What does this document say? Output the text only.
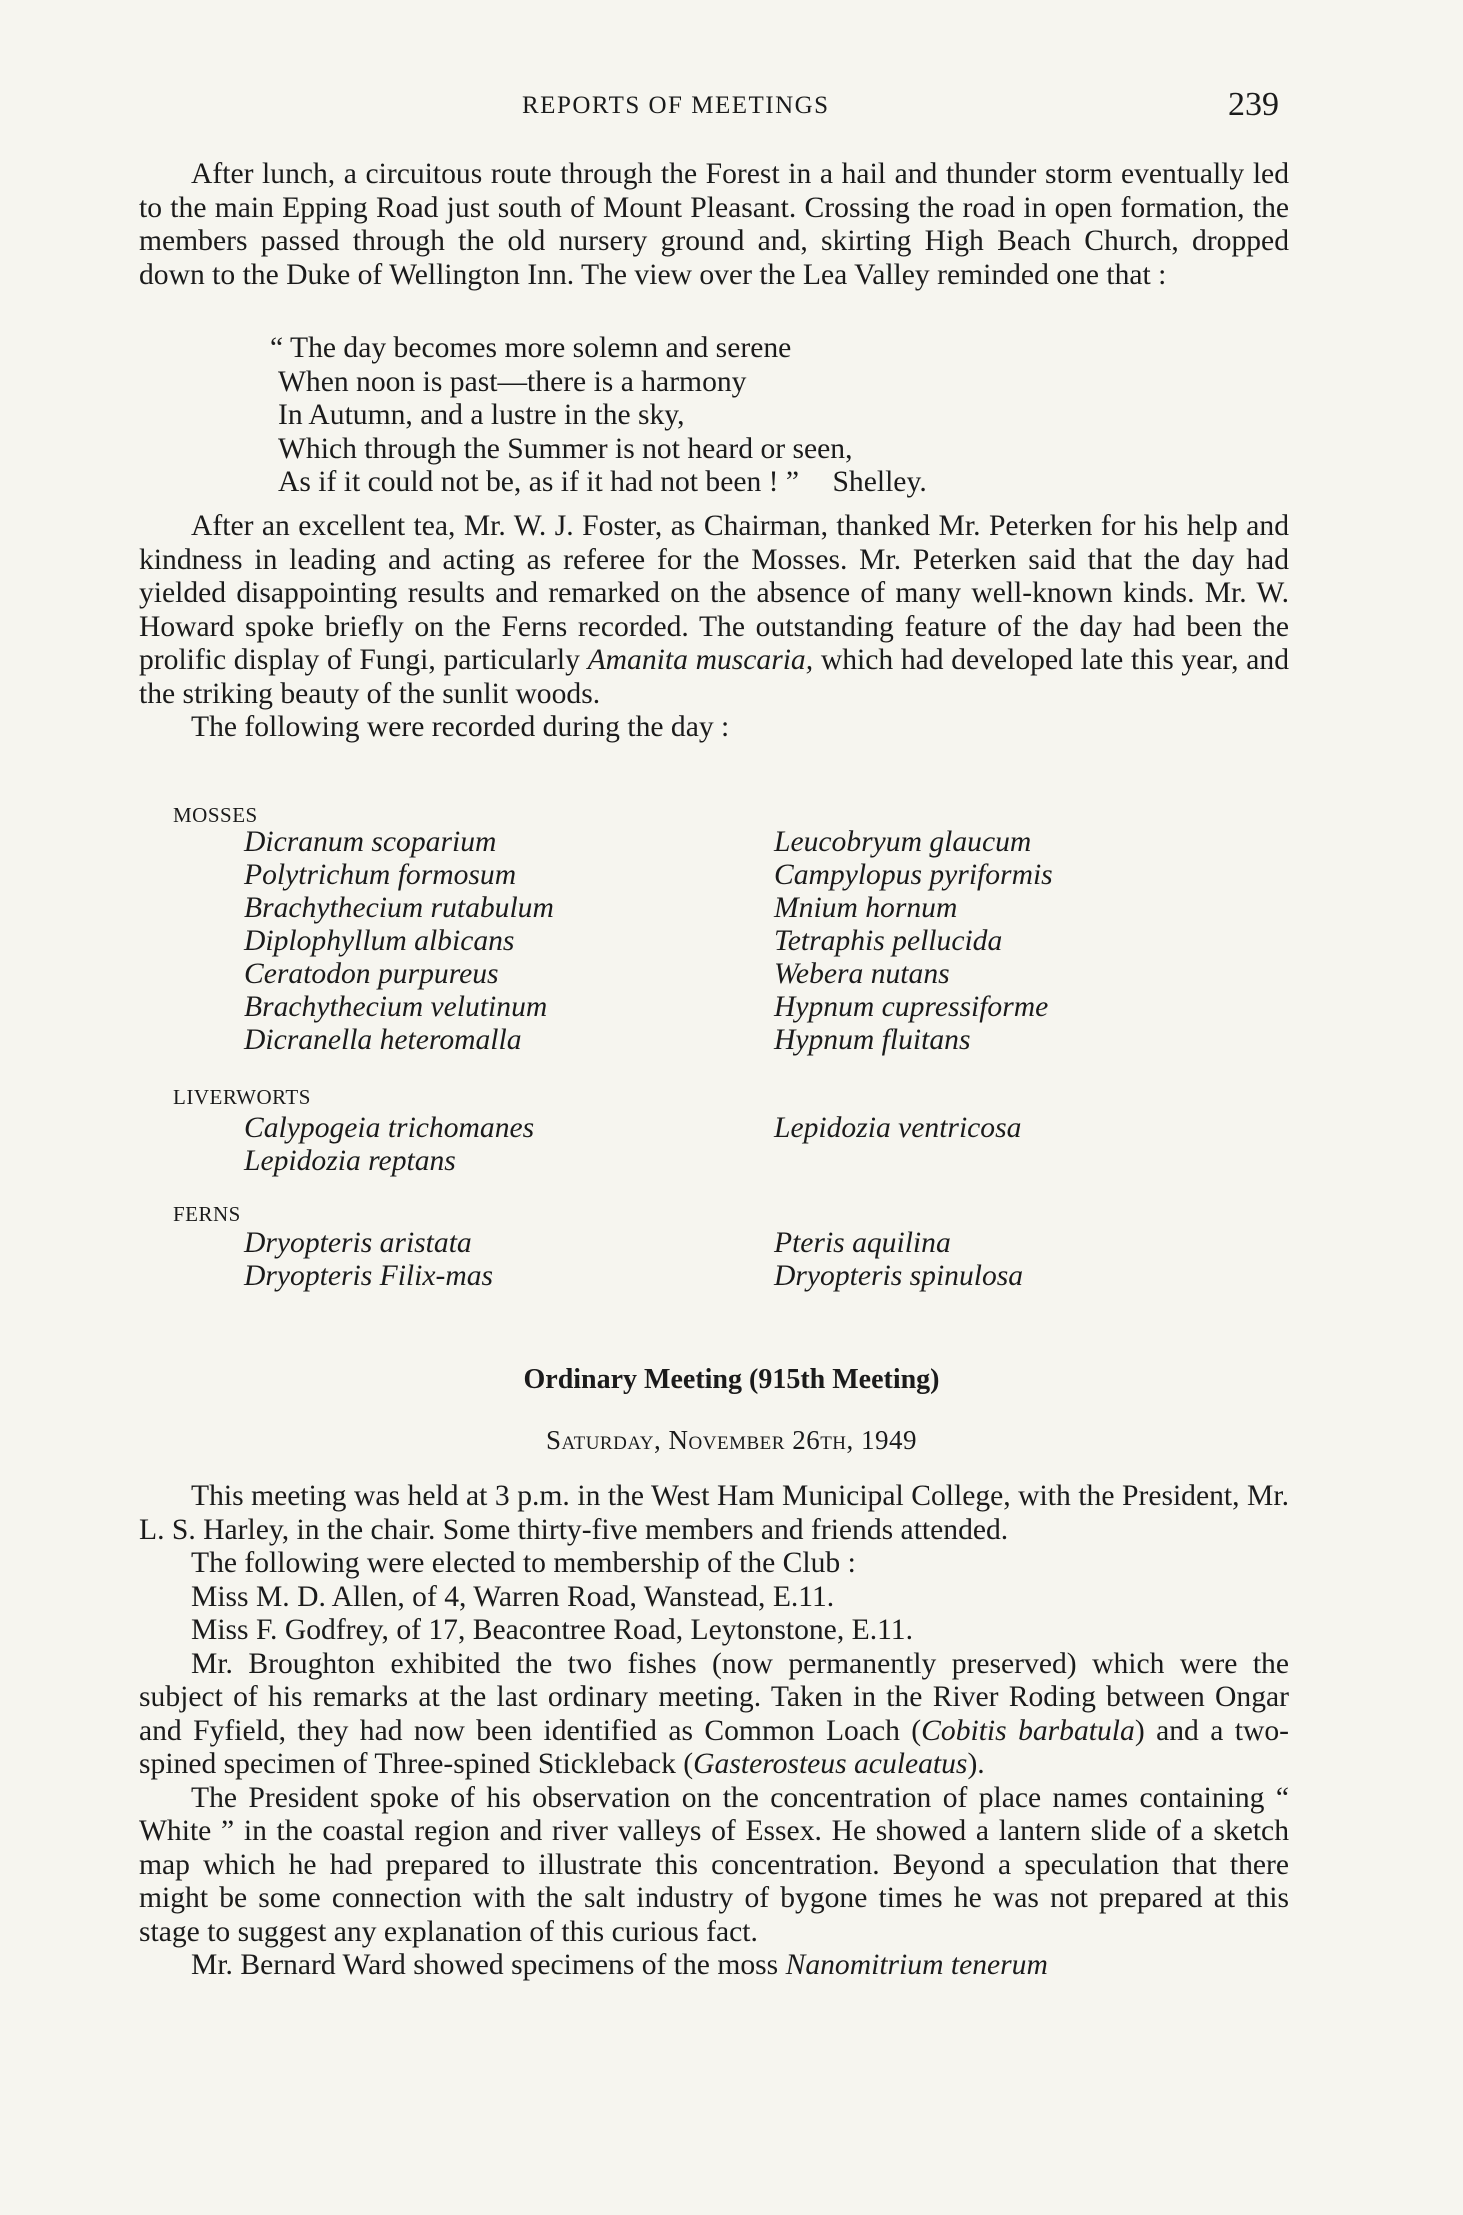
REPORTS OF MEETINGS	239

After lunch, a circuitous route through the Forest in a hail and thunder storm eventually led to the main Epping Road just south of Mount Pleasant. Crossing the road in open formation, the members passed through the old nursery ground and, skirting High Beach Church, dropped down to the Duke of Wellington Inn. The view over the Lea Valley reminded one that :

“ The day becomes more solemn and serene
When noon is past—there is a harmony
In Autumn, and a lustre in the sky,
Which through the Summer is not heard or seen,
As if it could not be, as if it had not been ! ” Shelley.

After an excellent tea, Mr. W. J. Foster, as Chairman, thanked Mr. Peterken for his help and kindness in leading and acting as referee for the Mosses. Mr. Peterken said that the day had yielded disappointing results and remarked on the absence of many well-known kinds. Mr. W. Howard spoke briefly on the Ferns recorded. The outstanding feature of the day had been the prolific display of Fungi, particularly Amanita muscaria, which had developed late this year, and the striking beauty of the sunlit woods.

The following were recorded during the day :

MOSSES
Dicranum scoparium
Polytrichum formosum
Brachythecium rutabulum
Diplophyllum albicans
Ceratodon purpureus
Brachythecium velutinum
Dicranella heteromalla
Leucobryum glaucum
Campylopus pyriformis
Mnium hornum
Tetraphis pellucida
Webera nutans
Hypnum cupressiforme
Hypnum fluitans
LIVERWORTS
Calypogeia trichomanes
Lepidozia reptans
Lepidozia ventricosa
FERNS
Dryopteris aristata
Dryopteris Filix-mas
Pteris aquilina
Dryopteris spinulosa
Ordinary Meeting (915th Meeting)
Saturday, November 26th, 1949

This meeting was held at 3 p.m. in the West Ham Municipal College, with the President, Mr. L. S. Harley, in the chair. Some thirty-five members and friends attended.

The following were elected to membership of the Club :

Miss M. D. Allen, of 4, Warren Road, Wanstead, E.11.

Miss F. Godfrey, of 17, Beacontree Road, Leytonstone, E.11.

Mr. Broughton exhibited the two fishes (now permanently preserved) which were the subject of his remarks at the last ordinary meeting. Taken in the River Roding between Ongar and Fyfield, they had now been identified as Common Loach (Cobitis barbatula) and a two-spined specimen of Three-spined Stickleback (Gasterosteus aculeatus).

The President spoke of his observation on the concentration of place names containing “ White ” in the coastal region and river valleys of Essex. He showed a lantern slide of a sketch map which he had prepared to illustrate this concentration. Beyond a speculation that there might be some connection with the salt industry of bygone times he was not prepared at this stage to suggest any explanation of this curious fact.

Mr. Bernard Ward showed specimens of the moss Nanomitrium tenerum
